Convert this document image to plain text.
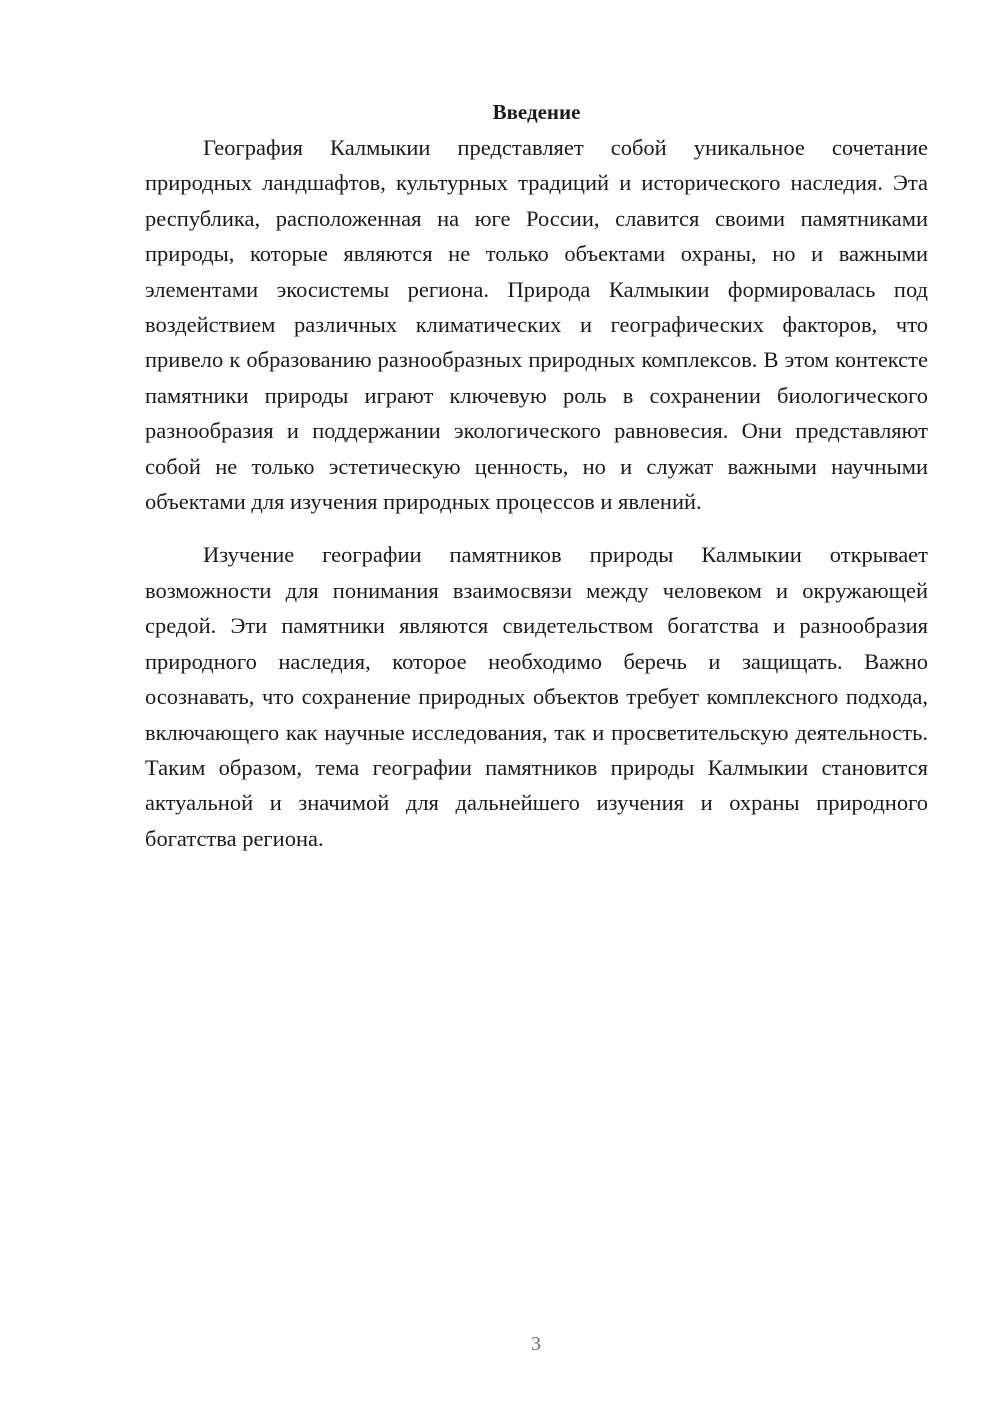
Введение

География Калмыкии представляет собой уникальное сочетание природных ландшафтов, культурных традиций и исторического наследия. Эта республика, расположенная на юге России, славится своими памятниками природы, которые являются не только объектами охраны, но и важными элементами экосистемы региона. Природа Калмыкии формировалась под воздействием различных климатических и географических факторов, что привело к образованию разнообразных природных комплексов. В этом контексте памятники природы играют ключевую роль в сохранении биологического разнообразия и поддержании экологического равновесия. Они представляют собой не только эстетическую ценность, но и служат важными научными объектами для изучения природных процессов и явлений.

Изучение географии памятников природы Калмыкии открывает возможности для понимания взаимосвязи между человеком и окружающей средой. Эти памятники являются свидетельством богатства и разнообразия природного наследия, которое необходимо беречь и защищать. Важно осознавать, что сохранение природных объектов требует комплексного подхода, включающего как научные исследования, так и просветительскую деятельность. Таким образом, тема географии памятников природы Калмыкии становится актуальной и значимой для дальнейшего изучения и охраны природного богатства региона.

3
